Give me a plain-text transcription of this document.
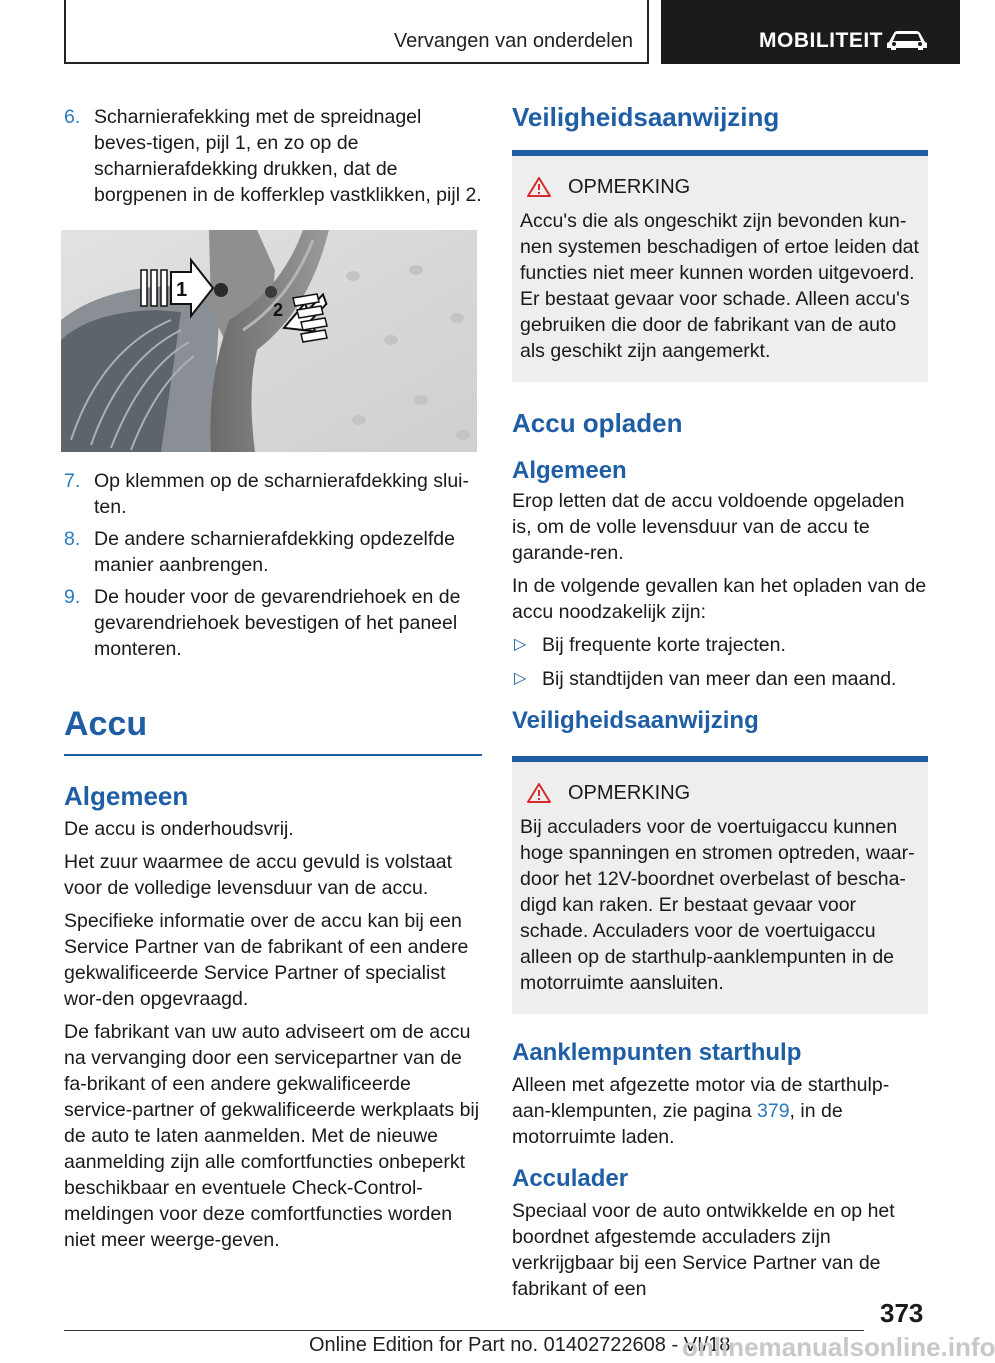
Vervangen van onderdelen	MOBILITEIT
6. Scharnierafekking met de spreidnagel beves-tigen, pijl 1, en zo op de scharnierafdekking drukken, dat de borgpenen in de kofferklep vastklikken, pijl 2.
1
2
7. Op klemmen op de scharnierafdekking slui-ten.
8. De andere scharnierafdekking opdezelfde manier aanbrengen.
9. De houder voor de gevarendriehoek en de gevarendriehoek bevestigen of het paneel monteren.
Accu
Algemeen

De accu is onderhoudsvrij.

Het zuur waarmee de accu gevuld is volstaat voor de volledige levensduur van de accu.

Specifieke informatie over de accu kan bij een Service Partner van de fabrikant of een andere gekwalificeerde Service Partner of specialist wor-den opgevraagd.

De fabrikant van uw auto adviseert om de accu na vervanging door een servicepartner van de fa-brikant of een andere gekwalificeerde service-partner of gekwalificeerde werkplaats bij de auto te laten aanmelden. Met de nieuwe aanmelding zijn alle comfortfuncties onbeperkt beschikbaar en eventuele Check-Control-meldingen voor deze comfortfuncties worden niet meer weerge-geven.

Veiligheidsaanwijzing
OPMERKING
Accu's die als ongeschikt zijn bevonden kun-nen systemen beschadigen of ertoe leiden dat functies niet meer kunnen worden uitgevoerd. Er bestaat gevaar voor schade. Alleen accu's gebruiken die door de fabrikant van de auto als geschikt zijn aangemerkt.
Accu opladen
Algemeen

Erop letten dat de accu voldoende opgeladen is, om de volle levensduur van de accu te garande-ren.

In de volgende gevallen kan het opladen van de accu noodzakelijk zijn:

▷ Bij frequente korte trajecten.
▷ Bij standtijden van meer dan een maand.
Veiligheidsaanwijzing
OPMERKING
Bij acculaders voor de voertuigaccu kunnen hoge spanningen en stromen optreden, waar-door het 12V-boordnet overbelast of bescha-digd kan raken. Er bestaat gevaar voor schade. Acculaders voor de voertuigaccu alleen op de starthulp-aanklempunten in de motorruimte aansluiten.
Aanklempunten starthulp

Alleen met afgezette motor via de starthulp-aan-klempunten, zie pagina 379, in de motorruimte laden.

Acculader

Speciaal voor de auto ontwikkelde en op het boordnet afgestemde acculaders zijn verkrijgbaar bij een Service Partner van de fabrikant of een

373
Online Edition for Part no. 01402722608 - VI/18
onlinemanualsonline.info
